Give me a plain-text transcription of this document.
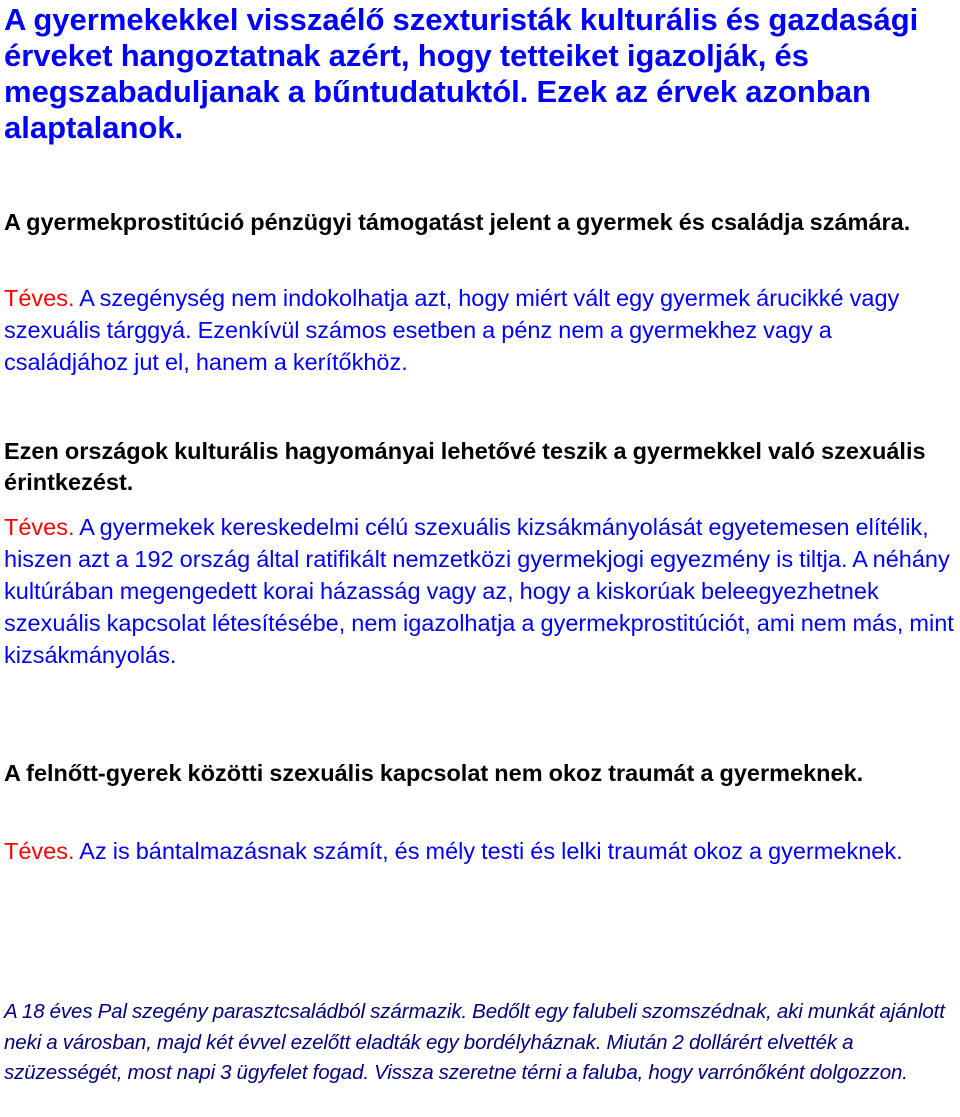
A gyermekekkel visszaélő szexturisták kulturális és gazdasági érveket hangoztatnak azért, hogy tetteiket igazolják, és megszabaduljanak a bűntudatuktól. Ezek az érvek azonban alaptalanok.

A gyermekprostitúció pénzügyi támogatást jelent a gyermek és családja számára.

Téves. A szegénység nem indokolhatja azt, hogy miért vált egy gyermek árucikké vagy szexuális tárggyá. Ezenkívül számos esetben a pénz nem a gyermekhez vagy a családjához jut el, hanem a kerítőkhöz.

Ezen országok kulturális hagyományai lehetővé teszik a gyermekkel való szexuális érintkezést.

Téves. A gyermekek kereskedelmi célú szexuális kizsákmányolását egyetemesen elítélik, hiszen azt a 192 ország által ratifikált nemzetközi gyermekjogi egyezmény is tiltja. A néhány kultúrában megengedett korai házasság vagy az, hogy a kiskorúak beleegyezhetnek szexuális kapcsolat létesítésébe, nem igazolhatja a gyermekprostitúciót, ami nem más, mint kizsákmányolás.

A felnőtt-gyerek közötti szexuális kapcsolat nem okoz traumát a gyermeknek.

Téves. Az is bántalmazásnak számít, és mély testi és lelki traumát okoz a gyermeknek.

A 18 éves Pal szegény parasztcsaládból származik. Bedőlt egy falubeli szomszédnak, aki munkát ajánlott neki a városban, majd két évvel ezelőtt eladták egy bordélyháznak. Miután 2 dollárért elvették a szüzességét, most napi 3 ügyfelet fogad. Vissza szeretne térni a faluba, hogy varrónőként dolgozzon.
